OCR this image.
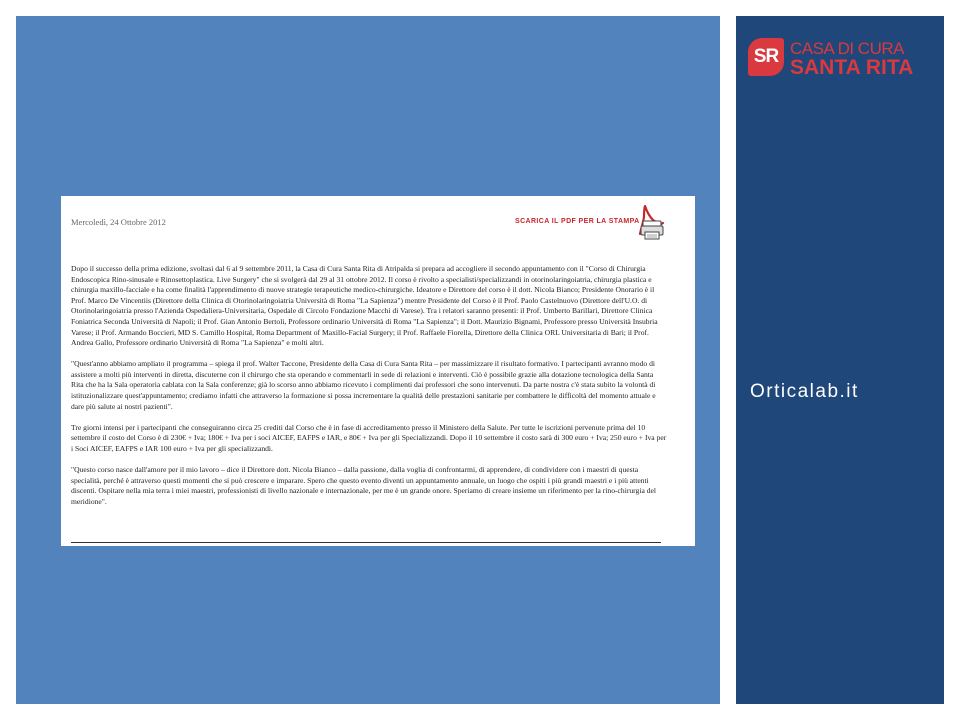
SR CASA DI CURA
SANTA RITA
Orticalab.it
Mercoledì, 24 Ottobre 2012	SCARICA IL PDF PER LA STAMPA

Dopo il successo della prima edizione, svoltasi dal 6 al 9 settembre 2011, la Casa di Cura Santa Rita di Atripalda si prepara ad accogliere il secondo appuntamento con il "Corso di Chirurgia Endoscopica Rino-sinusale e Rinosettoplastica. Live Surgery" che si svolgerà dal 29 al 31 ottobre 2012. Il corso è rivolto a specialisti/specializzandi in otorinolaringoiatria, chirurgia plastica e chirurgia maxillo-facciale e ha come finalità l'apprendimento di nuove strategie terapeutiche medico-chirurgiche. Ideatore e Direttore del corso è il dott. Nicola Bianco; Presidente Onorario è il Prof. Marco De Vincentiis (Direttore della Clinica di Otorinolaringoiatria Università di Roma "La Sapienza") mentre Presidente del Corso è il Prof. Paolo Castelnuovo (Direttore dell'U.O. di Otorinolaringoiatria presso l'Azienda Ospedaliera-Universitaria, Ospedale di Circolo Fondazione Macchi di Varese). Tra i relatori saranno presenti: il Prof. Umberto Barillari, Direttore Clinica Foniatrica Seconda Università di Napoli; il Prof. Gian Antonio Bertoli, Professore ordinario Università di Roma "La Sapienza"; il Dott. Maurizio Bignami, Professore presso Università Insubria Varese; il Prof. Armando Boccieri, MD S. Camillo Hospital, Roma Department of Maxillo-Facial Surgery; il Prof. Raffaele Fiorella, Direttore della Clinica ORL Universitaria di Bari; il Prof. Andrea Gallo, Professore ordinario Università di Roma "La Sapienza" e molti altri.

"Quest'anno abbiamo ampliato il programma – spiega il prof. Walter Taccone, Presidente della Casa di Cura Santa Rita – per massimizzare il risultato formativo. I partecipanti avranno modo di assistere a molti più interventi in diretta, discuterne con il chirurgo che sta operando e commentarli in sede di relazioni e interventi. Ciò è possibile grazie alla dotazione tecnologica della Santa Rita che ha la Sala operatoria cablata con la Sala conferenze; già lo scorso anno abbiamo ricevuto i complimenti dai professori che sono intervenuti. Da parte nostra c'è stata subito la volontà di istituzionalizzare quest'appuntamento; crediamo infatti che attraverso la formazione si possa incrementare la qualità delle prestazioni sanitarie per combattere le difficoltà del momento attuale e dare più salute ai nostri pazienti".

Tre giorni intensi per i partecipanti che conseguiranno circa 25 crediti dal Corso che è in fase di accreditamento presso il Ministero della Salute. Per tutte le iscrizioni pervenute prima del 10 settembre il costo del Corso è di 230€ + Iva; 180€ + Iva per i soci AICEF, EAFPS e IAR, e 80€ + Iva per gli Specializzandi. Dopo il 10 settembre il costo sarà di 300 euro + Iva; 250 euro + Iva per i Soci AICEF, EAFPS e IAR 100 euro + Iva per gli specializzandi.

"Questo corso nasce dall'amore per il mio lavoro – dice il Direttore dott. Nicola Bianco – dalla passione, dalla voglia di confrontarmi, di apprendere, di condividere con i maestri di questa specialità, perché è attraverso questi momenti che si può crescere e imparare. Spero che questo evento diventi un appuntamento annuale, un luogo che ospiti i più grandi maestri e i più attenti discenti. Ospitare nella mia terra i miei maestri, professionisti di livello nazionale e internazionale, per me è un grande onore. Speriamo di creare insieme un riferimento per la rino-chirurgia del meridione".
